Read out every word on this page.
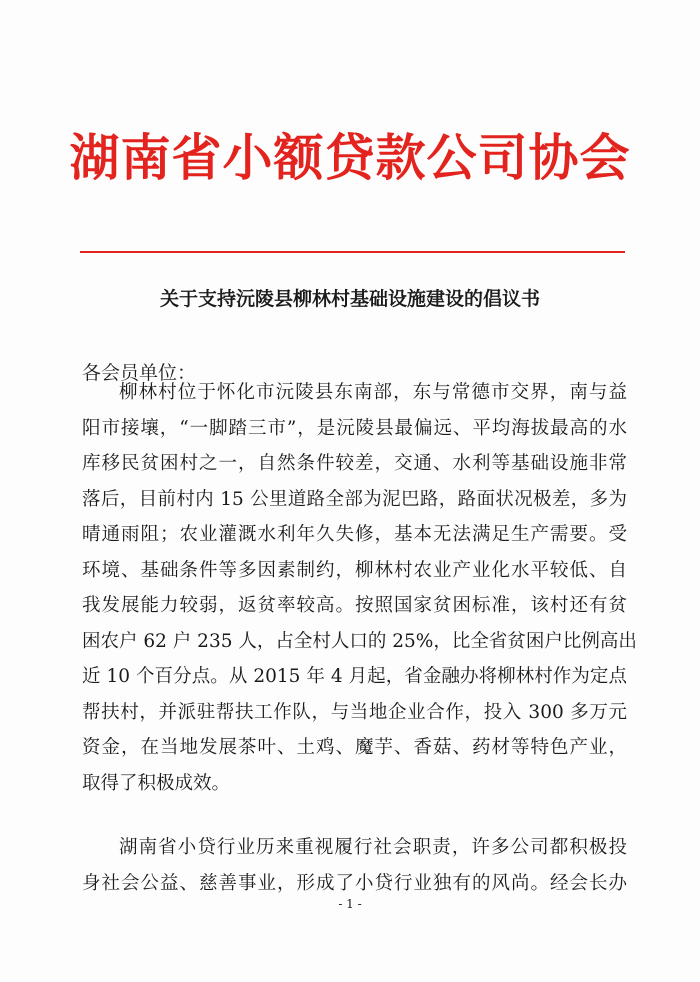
湖南省小额贷款公司协会
关于支持沅陵县柳林村基础设施建设的倡议书
各会员单位：
柳林村位于怀化市沅陵县东南部，东与常德市交界，南与益
阳市接壤，“一脚踏三市”，是沅陵县最偏远、平均海拔最高的水
库移民贫困村之一，自然条件较差，交通、水利等基础设施非常
落后，目前村内 15 公里道路全部为泥巴路，路面状况极差，多为
晴通雨阻；农业灌溉水利年久失修，基本无法满足生产需要。受
环境、基础条件等多因素制约，柳林村农业产业化水平较低、自
我发展能力较弱，返贫率较高。按照国家贫困标准，该村还有贫
困农户 62 户 235 人，占全村人口的 25%，比全省贫困户比例高出
近 10 个百分点。从 2015 年 4 月起，省金融办将柳林村作为定点
帮扶村，并派驻帮扶工作队，与当地企业合作，投入 300 多万元
资金，在当地发展茶叶、土鸡、魔芋、香菇、药材等特色产业，
取得了积极成效。
湖南省小贷行业历来重视履行社会职责，许多公司都积极投
身社会公益、慈善事业，形成了小贷行业独有的风尚。经会长办
- 1 -
